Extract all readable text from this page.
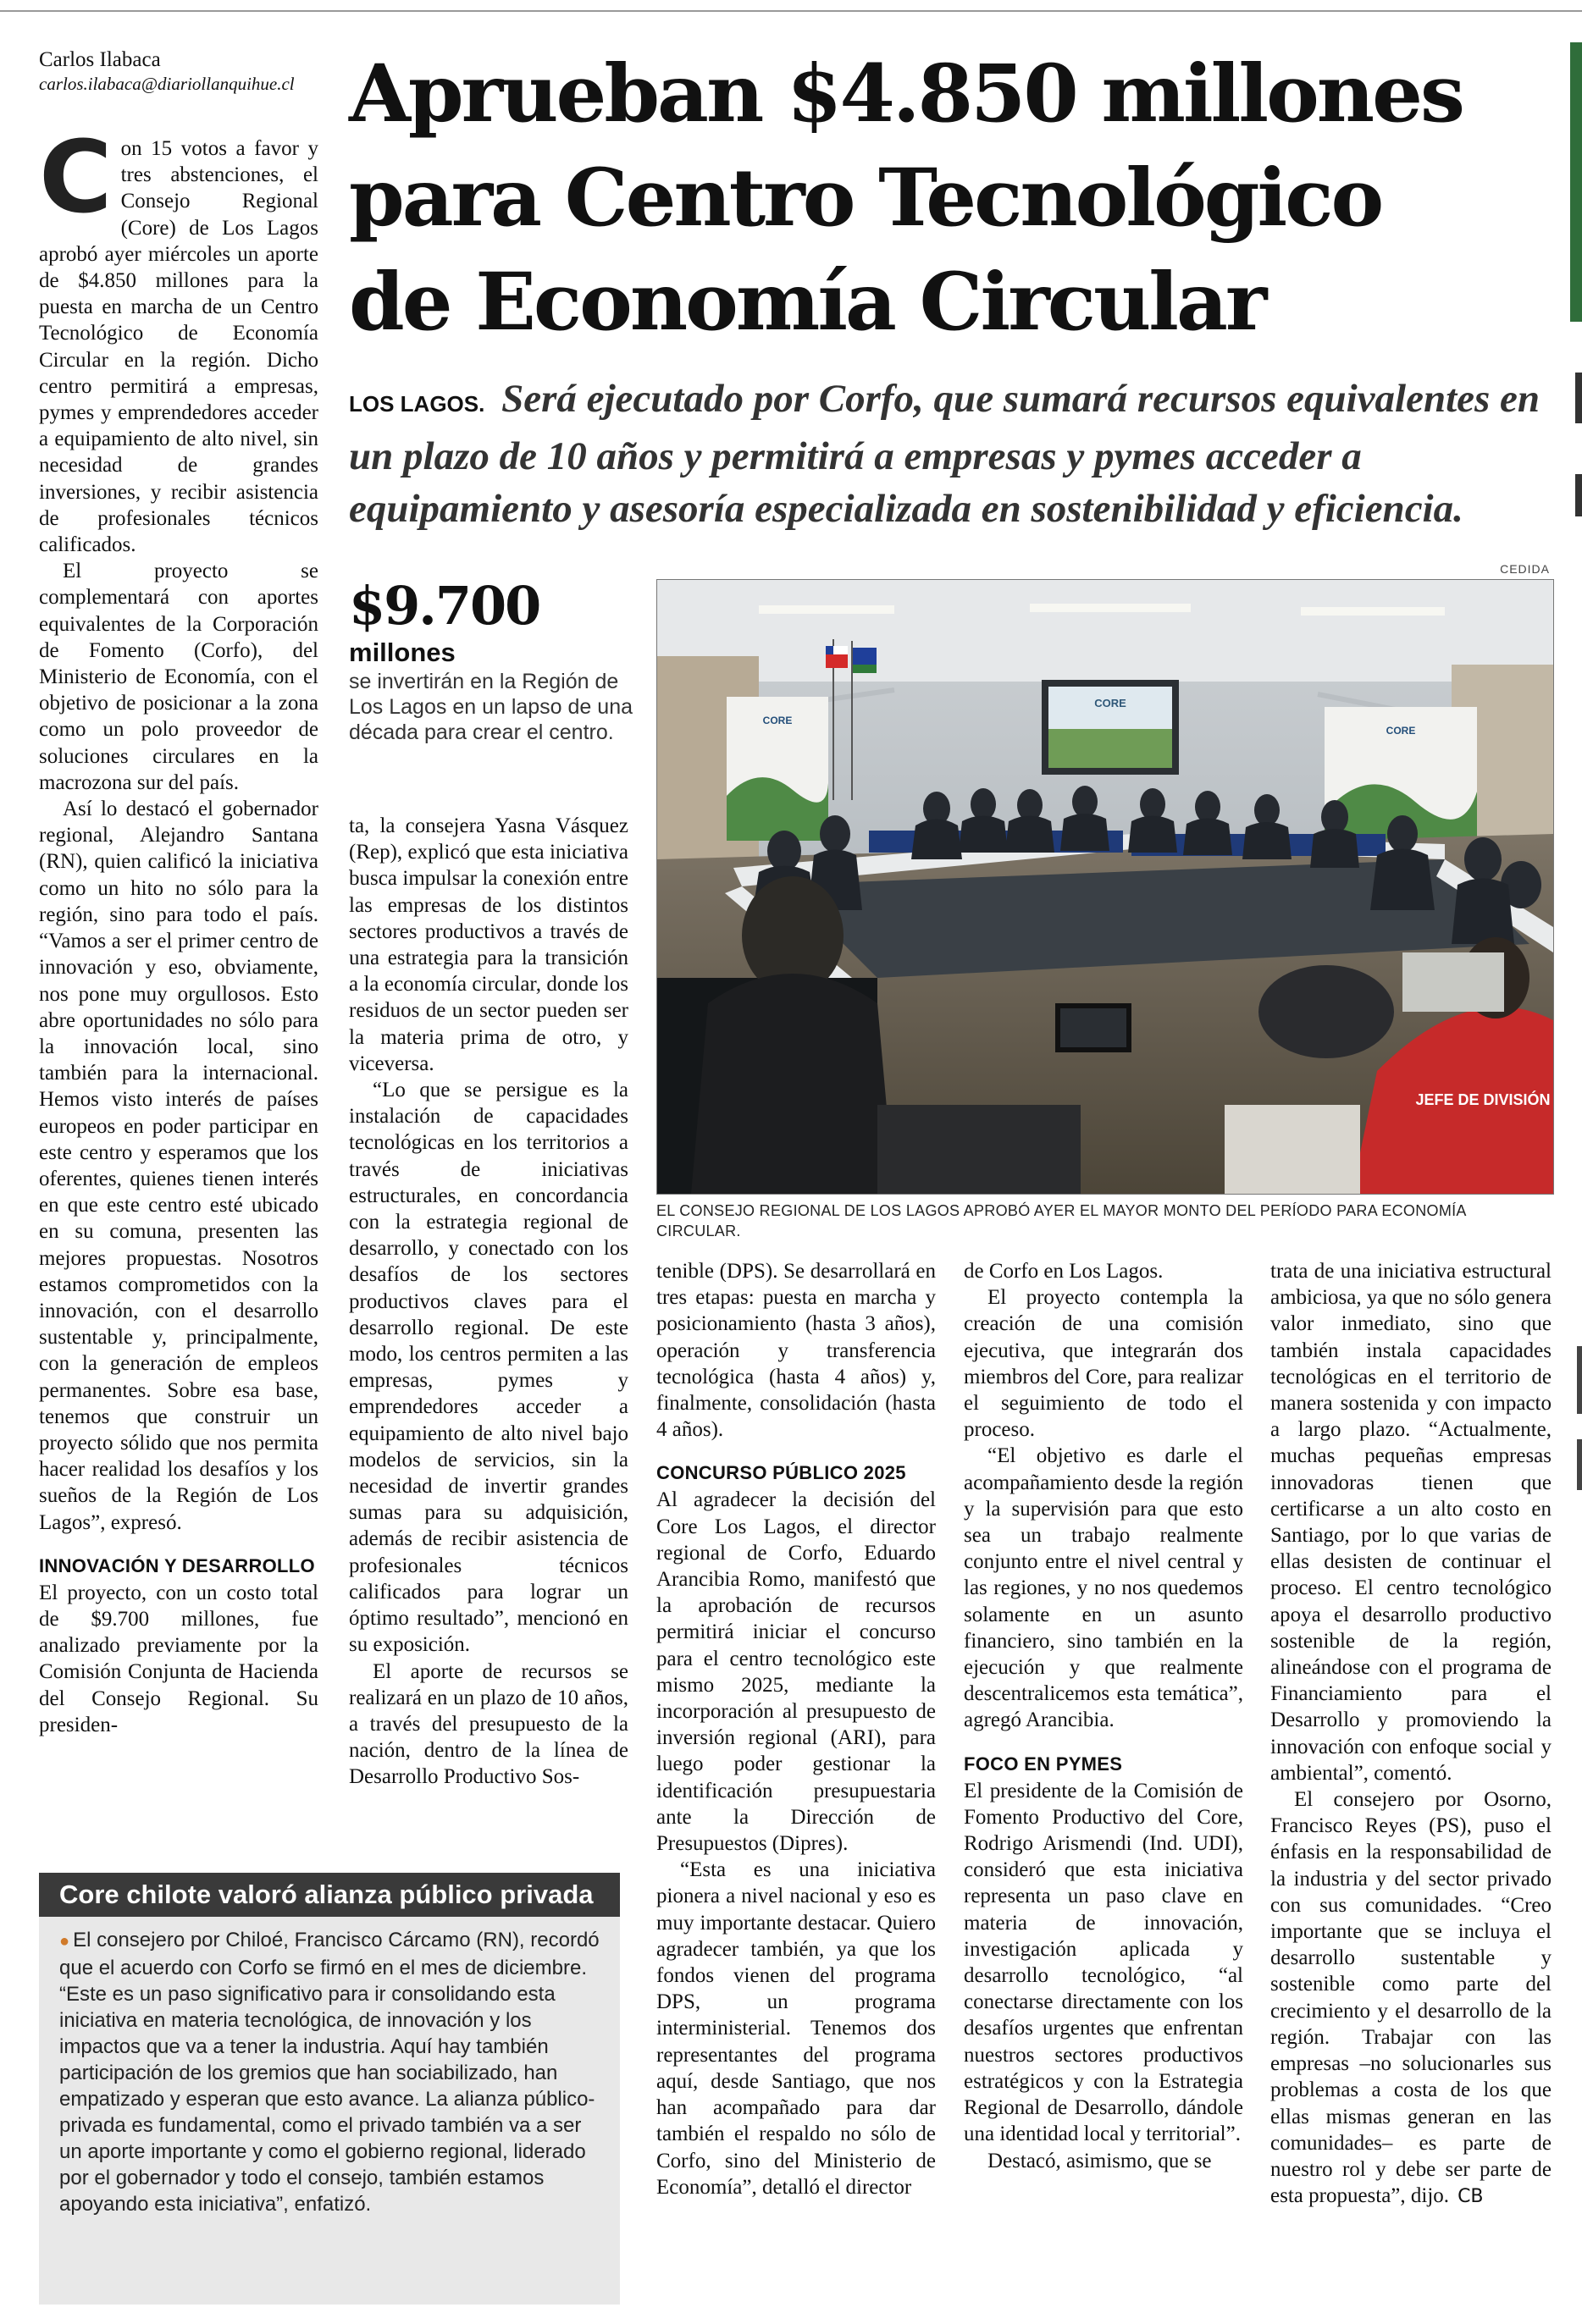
Carlos Ilabaca
carlos.ilabaca@diariollanquihue.cl Aprueban $4.850 millones
para Centro Tecnológico
de Economía Circular
LOS LAGOS. Será ejecutado por Corfo, que sumará recursos equivalentes en un plazo de 10 años y permitirá a empresas y pymes acceder a equipamiento y asesoría especializada en sostenibilidad y eficiencia.
$9.700
millones
se invertirán en la Región de Los Lagos en un lapso de una década para crear el centro.
CEDIDA
CORE
CORE
CORE
JEFE DE DIVISIÓN
EL CONSEJO REGIONAL DE LOS LAGOS APROBÓ AYER EL MAYOR MONTO DEL PERÍODO PARA ECONOMÍA CIRCULAR.

Con 15 votos a favor y tres abstenciones, el Consejo Regional (Core) de Los Lagos aprobó ayer miércoles un aporte de $4.850 millones para la puesta en marcha de un Centro Tecnológico de Economía Circular en la región. Dicho centro permitirá a empresas, pymes y emprendedores acceder a equipamiento de alto nivel, sin necesidad de grandes inversiones, y recibir asistencia de profesionales técnicos calificados.

El proyecto se complementará con aportes equivalentes de la Corporación de Fomento (Corfo), del Ministerio de Economía, con el objetivo de posicionar a la zona como un polo proveedor de soluciones circulares en la macrozona sur del país.

Así lo destacó el gobernador regional, Alejandro Santana (RN), quien calificó la iniciativa como un hito no sólo para la región, sino para todo el país. “Vamos a ser el primer centro de innovación y eso, obviamente, nos pone muy orgullosos. Esto abre oportunidades no sólo para la innovación local, sino también para la internacional. Hemos visto interés de países europeos en poder participar en este centro y esperamos que los oferentes, quienes tienen interés en que este centro esté ubicado en su comuna, presenten las mejores propuestas. Nosotros estamos comprometidos con la innovación, con el desarrollo sustentable y, principalmente, con la generación de empleos permanentes. Sobre esa base, tenemos que construir un proyecto sólido que nos permita hacer realidad los desafíos y los sueños de la Región de Los Lagos”, expresó.

INNOVACIÓN Y DESARROLLO

El proyecto, con un costo total de $9.700 millones, fue analizado previamente por la Comisión Conjunta de Hacienda del Consejo Regional. Su presiden-

ta, la consejera Yasna Vásquez (Rep), explicó que esta iniciativa busca impulsar la conexión entre las empresas de los distintos sectores productivos a través de una estrategia para la transición a la economía circular, donde los residuos de un sector pueden ser la materia prima de otro, y viceversa.

“Lo que se persigue es la instalación de capacidades tecnológicas en los territorios a través de iniciativas estructurales, en concordancia con la estrategia regional de desarrollo, y conectado con los desafíos de los sectores productivos claves para el desarrollo regional. De este modo, los centros permiten a las empresas, pymes y emprendedores acceder a equipamiento de alto nivel bajo modelos de servicios, sin la necesidad de invertir grandes sumas para su adquisición, además de recibir asistencia de profesionales técnicos calificados para lograr un óptimo resultado”, mencionó en su exposición.

El aporte de recursos se realizará en un plazo de 10 años, a través del presupuesto de la nación, dentro de la línea de Desarrollo Productivo Sos-

tenible (DPS). Se desarrollará en tres etapas: puesta en marcha y posicionamiento (hasta 3 años), operación y transferencia tecnológica (hasta 4 años) y, finalmente, consolidación (hasta 4 años).

CONCURSO PÚBLICO 2025

Al agradecer la decisión del Core Los Lagos, el director regional de Corfo, Eduardo Arancibia Romo, manifestó que la aprobación de recursos permitirá iniciar el concurso para el centro tecnológico este mismo 2025, mediante la incorporación al presupuesto de inversión regional (ARI), para luego poder gestionar la identificación presupuestaria ante la Dirección de Presupuestos (Dipres).

“Esta es una iniciativa pionera a nivel nacional y eso es muy importante destacar. Quiero agradecer también, ya que los fondos vienen del programa DPS, un programa interministerial. Tenemos dos representantes del programa aquí, desde Santiago, que nos han acompañado para dar también el respaldo no sólo de Corfo, sino del Ministerio de Economía”, detalló el director

de Corfo en Los Lagos.

El proyecto contempla la creación de una comisión ejecutiva, que integrarán dos miembros del Core, para realizar el seguimiento de todo el proceso.

“El objetivo es darle el acompañamiento desde la región y la supervisión para que esto sea un trabajo realmente conjunto entre el nivel central y las regiones, y no nos quedemos solamente en un asunto financiero, sino también en la ejecución y que realmente descentralicemos esta temática”, agregó Arancibia.

FOCO EN PYMES

El presidente de la Comisión de Fomento Productivo del Core, Rodrigo Arismendi (Ind. UDI), consideró que esta iniciativa representa un paso clave en materia de innovación, investigación aplicada y desarrollo tecnológico, “al conectarse directamente con los desafíos urgentes que enfrentan nuestros sectores productivos estratégicos y con la Estrategia Regional de Desarrollo, dándole una identidad local y territorial”.

Destacó, asimismo, que se

trata de una iniciativa estructural ambiciosa, ya que no sólo genera valor inmediato, sino que también instala capacidades tecnológicas en el territorio de manera sostenida y con impacto a largo plazo. “Actualmente, muchas pequeñas empresas innovadoras tienen que certificarse a un alto costo en Santiago, por lo que varias de ellas desisten de continuar el proceso. El centro tecnológico apoya el desarrollo productivo sostenible de la región, alineándose con el programa de Financiamiento para el Desarrollo y promoviendo la innovación con enfoque social y ambiental”, comentó.

El consejero por Osorno, Francisco Reyes (PS), puso el énfasis en la responsabilidad de la industria y del sector privado con sus comunidades. “Creo importante que se incluya el desarrollo sustentable y sostenible como parte del crecimiento y el desarrollo de la región. Trabajar con las empresas –no solucionarles sus problemas a costa de los que ellas mismas generan en las comunidades– es parte de nuestro rol y debe ser parte de esta propuesta”, dijo. CB

Core chilote valoró alianza público privada
● El consejero por Chiloé, Francisco Cárcamo (RN), recordó que el acuerdo con Corfo se firmó en el mes de diciembre. “Este es un paso significativo para ir consolidando esta iniciativa en materia tecnológica, de innovación y los impactos que va a tener la industria. Aquí hay también participación de los gremios que han sociabilizado, han empatizado y esperan que esto avance. La alianza público-privada es fundamental, como el privado también va a ser un aporte importante y como el gobierno regional, liderado por el gobernador y todo el consejo, también estamos apoyando esta iniciativa”, enfatizó.
